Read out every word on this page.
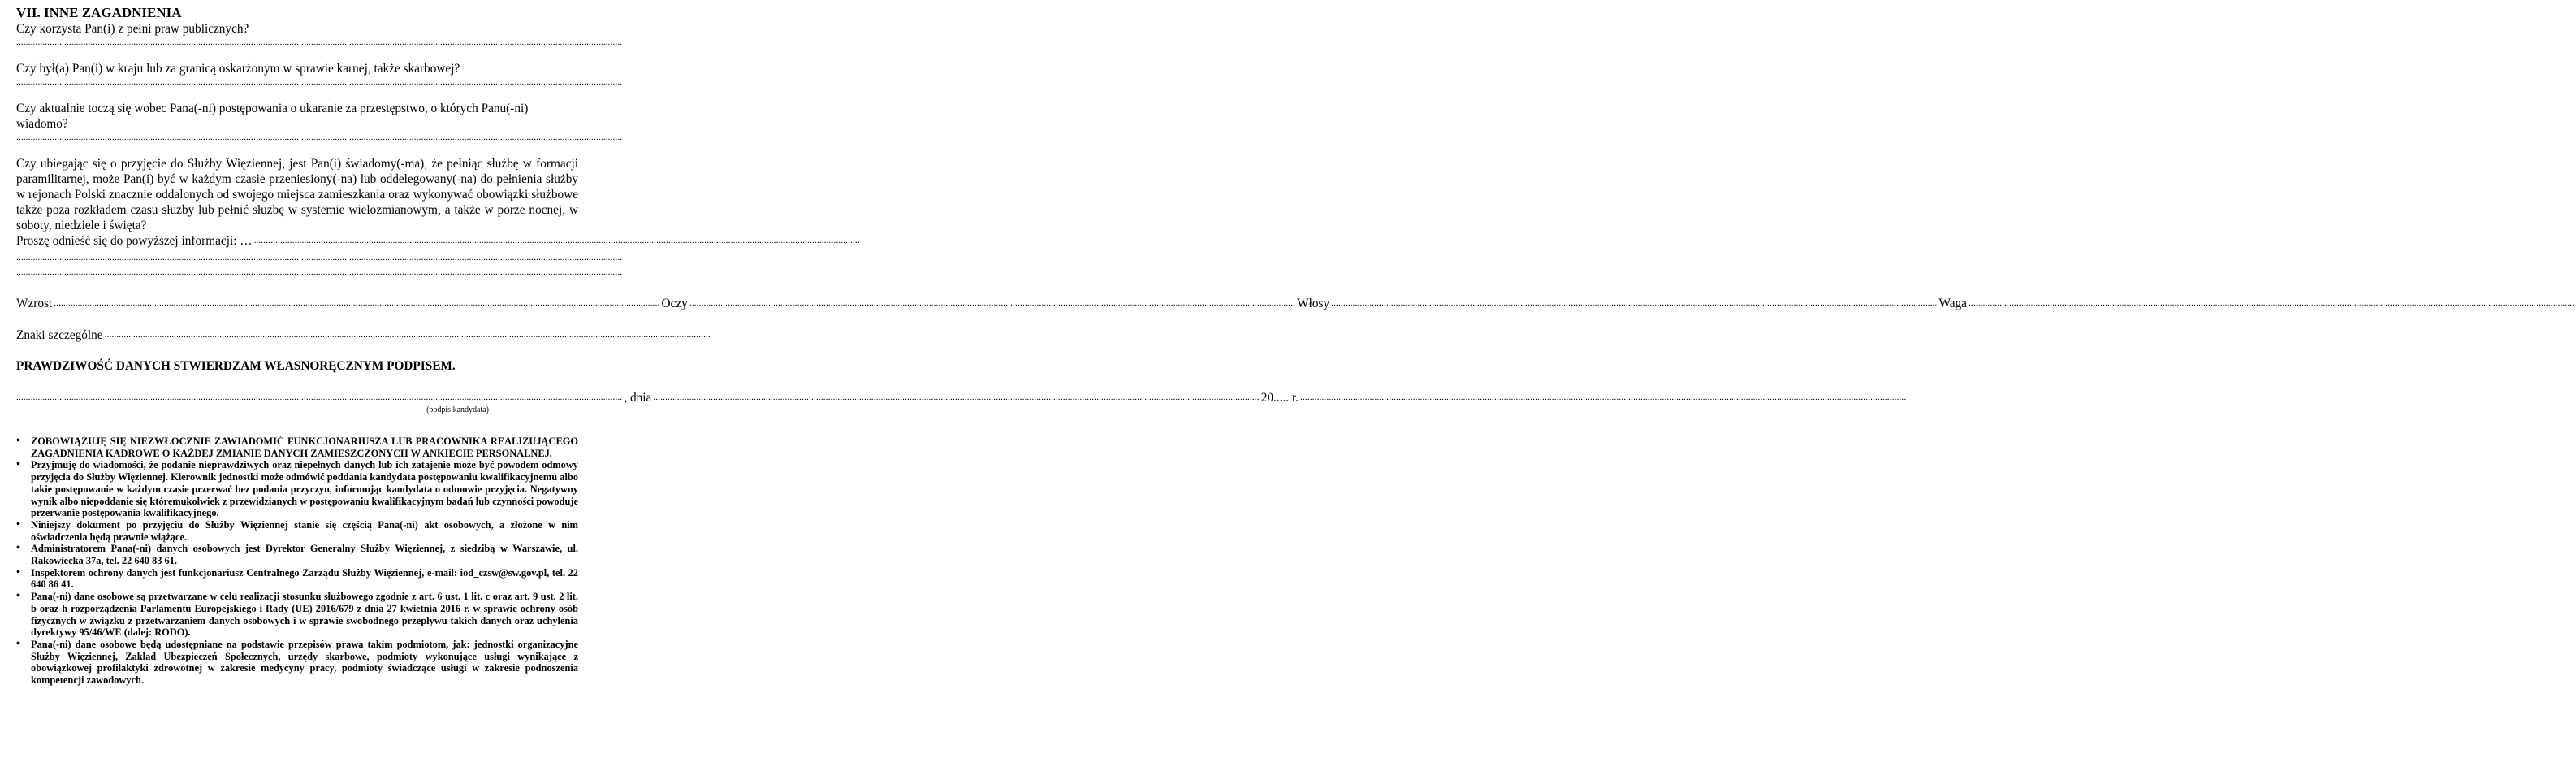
VII. INNE ZAGADNIENIA

Czy korzysta Pan(i) z pełni praw publicznych?

.............................................................................................................................................................................................................................................................

Czy był(a) Pan(i) w kraju lub za granicą oskarżonym w sprawie karnej, także skarbowej?

.............................................................................................................................................................................................................................................................

Czy aktualnie toczą się wobec Pana(-ni) postępowania o ukaranie za przestępstwo, o których Panu(-ni) wiadomo?

.............................................................................................................................................................................................................................................................

Czy ubiegając się o przyjęcie do Służby Więziennej, jest Pan(i) świadomy(-ma), że pełniąc służbę w formacji paramilitarnej, może Pan(i) być w każdym czasie przeniesiony(-na) lub oddelegowany(-na) do pełnienia służby w rejonach Polski znacznie oddalonych od swojego miejsca zamieszkania oraz wykonywać obowiązki służbowe także poza rozkładem czasu służby lub pełnić służbę w systemie wielozmianowym, a także w porze nocnej, w soboty, niedziele i święta?

Proszę odnieść się do powyższej informacji: … .............................................................................................................................................................................................................................................................

.............................................................................................................................................................................................................................................................

.............................................................................................................................................................................................................................................................

Wzrost ............................................................................................................................................................................................................................................................. Oczy ............................................................................................................................................................................................................................................................. Włosy ............................................................................................................................................................................................................................................................. Waga .............................................................................................................................................................................................................................................................
Znaki szczególne .............................................................................................................................................................................................................................................................

PRAWDZIWOŚĆ DANYCH STWIERDZAM WŁASNORĘCZNYM PODPISEM.

............................................................................................................................................................................................................................................................. , dnia ............................................................................................................................................................................................................................................................. 20..... r. .............................................................................................................................................................................................................................................................

(podpis kandydata)

• ZOBOWIĄZUJĘ SIĘ NIEZWŁOCZNIE ZAWIADOMIĆ FUNKCJONARIUSZA LUB PRACOWNIKA REALIZUJĄCEGO ZAGADNIENIA KADROWE O KAŻDEJ ZMIANIE DANYCH ZAMIESZCZONYCH W ANKIECIE PERSONALNEJ.
• Przyjmuję do wiadomości, że podanie nieprawdziwych oraz niepełnych danych lub ich zatajenie może być powodem odmowy przyjęcia do Służby Więziennej. Kierownik jednostki może odmówić poddania kandydata postępowaniu kwalifikacyjnemu albo takie postępowanie w każdym czasie przerwać bez podania przyczyn, informując kandydata o odmowie przyjęcia. Negatywny wynik albo niepoddanie się któremukolwiek z przewidzianych w postępowaniu kwalifikacyjnym badań lub czynności powoduje przerwanie postępowania kwalifikacyjnego.
• Niniejszy dokument po przyjęciu do Służby Więziennej stanie się częścią Pana(-ni) akt osobowych, a złożone w nim oświadczenia będą prawnie wiążące.
• Administratorem Pana(-ni) danych osobowych jest Dyrektor Generalny Służby Więziennej, z siedzibą w Warszawie, ul. Rakowiecka 37a, tel. 22 640 83 61.
• Inspektorem ochrony danych jest funkcjonariusz Centralnego Zarządu Służby Więziennej, e-mail: iod_czsw@sw.gov.pl, tel. 22 640 86 41.
• Pana(-ni) dane osobowe są przetwarzane w celu realizacji stosunku służbowego zgodnie z art. 6 ust. 1 lit. c oraz art. 9 ust. 2 lit. b oraz h rozporządzenia Parlamentu Europejskiego i Rady (UE) 2016/679 z dnia 27 kwietnia 2016 r. w sprawie ochrony osób fizycznych w związku z przetwarzaniem danych osobowych i w sprawie swobodnego przepływu takich danych oraz uchylenia dyrektywy 95/46/WE (dalej: RODO).
• Pana(-ni) dane osobowe będą udostępniane na podstawie przepisów prawa takim podmiotom, jak: jednostki organizacyjne Służby Więziennej, Zakład Ubezpieczeń Społecznych, urzędy skarbowe, podmioty wykonujące usługi wynikające z obowiązkowej profilaktyki zdrowotnej w zakresie medycyny pracy, podmioty świadczące usługi w zakresie podnoszenia kompetencji zawodowych.
